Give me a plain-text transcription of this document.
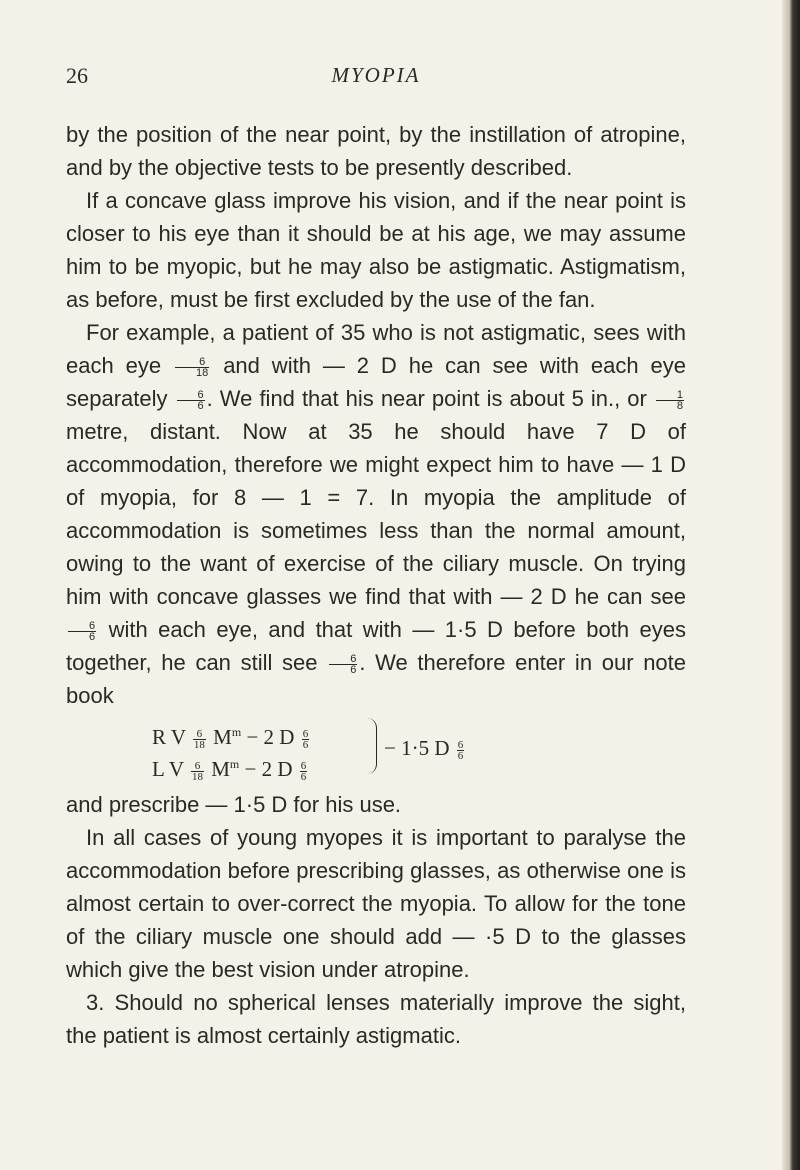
26	MYOPIA

by the position of the near point, by the instillation of atropine, and by the objective tests to be presently described.

If a concave glass improve his vision, and if the near point is closer to his eye than it should be at his age, we may assume him to be myopic, but he may also be astigmatic. Astigmatism, as before, must be first excluded by the use of the fan.

For example, a patient of 35 who is not astigmatic, sees with each eye $\frac{6}{18}$ and with — 2 D he can see with each eye separately $\frac{6}{6}$ . We find that his near point is about 5 in., or $\frac{1}{8}$
metre, distant. Now at 35 he should have 7 D of accommodation, therefore we might expect him to have — 1 D of myopia, for 8 — 1 = 7. In myopia the amplitude of accommodation is sometimes less than the normal amount, owing to the want of exercise of the ciliary muscle. On trying him with concave glasses we find that with — 2 D he can see
$\frac{6}{6}$ with each eye, and that with — 1·5 D before both eyes together, he can still see $\frac{6}{6}$ . We therefore enter in our note book

R V $\frac{6}{18} M^m - 2$ D $\frac{6}{6}$
L V $\frac{6}{18} M^m - 2$ D $\frac{6}{6}$
− 1·5 D $\frac{6}{6}$

and prescribe — 1·5 D for his use.

In all cases of young myopes it is important to paralyse the accommodation before prescribing glasses, as otherwise one is almost certain to over-correct the myopia. To allow for the tone of the ciliary muscle one should add — ·5 D to the glasses which give the best vision under atropine.

3. Should no spherical lenses materially improve the sight, the patient is almost certainly astigmatic.
